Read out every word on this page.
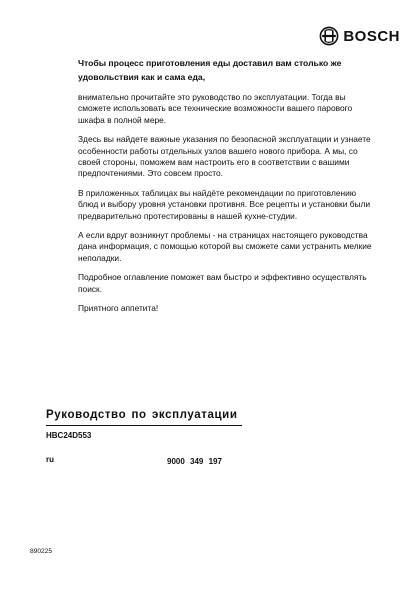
BOSCH

Чтобы процесс приготовления еды доставил вам столько же удовольствия как и сама еда,

внимательно прочитайте это руководство по эксплуатации. Тогда вы сможете использовать все технические возможности вашего парового шкафа в полной мере.

Здесь вы найдете важные указания по безопасной эксплуатации и узнаете особенности работы отдельных узлов вашего нового прибора. А мы, со своей стороны, поможем вам настроить его в соответствии с вашими предпочтениями. Это совсем просто.

В приложенных таблицах вы найдёте рекомендации по приготовлению блюд и выбору уровня установки противня. Все рецепты и установки были предварительно протестированы в нашей кухне-студии.

А если вдруг возникнут проблемы - на страницах настоящего руководства дана информация, с помощью которой вы сможете сами устранить мелкие неполадки.

Подробное оглавление поможет вам быстро и эффективно осуществлять поиск.

Приятного аппетита!

Руководство по эксплуатации
HBC24D553
ru	9000 349 197
890225
